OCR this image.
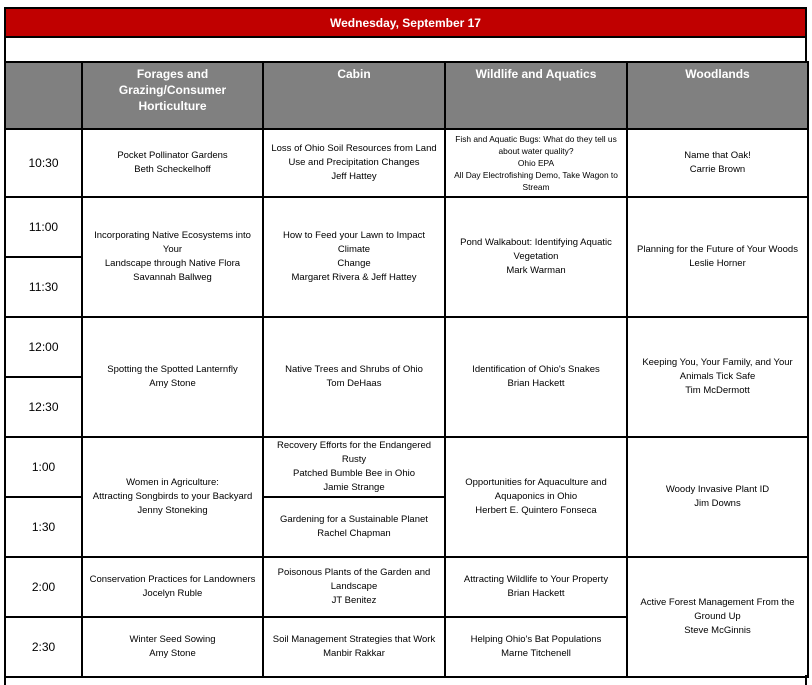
Wednesday, September 17

	Forages and
Grazing/Consumer
Horticulture	Cabin	Wildlife and Aquatics	Woodlands

10:30	Pocket Pollinator Gardens
Beth Scheckelhoff	Loss of Ohio Soil Resources from Land
Use and Precipitation Changes
Jeff Hattey	Fish and Aquatic Bugs: What do they tell us
about water quality?
Ohio EPA
All Day Electrofishing Demo, Take Wagon to
Stream	Name that Oak!
Carrie Brown

11:00	Incorporating Native Ecosystems into Your
Landscape through Native Flora
Savannah Ballweg	How to Feed your Lawn to Impact Climate
Change
Margaret Rivera & Jeff Hattey	Pond Walkabout: Identifying Aquatic
Vegetation
Mark Warman	Planning for the Future of Your Woods
Leslie Horner

11:30				
12:00	Spotting the Spotted Lanternfly
Amy Stone	Native Trees and Shrubs of Ohio
Tom DeHaas	Identification of Ohio's Snakes
Brian Hackett	Keeping You, Your Family, and Your
Animals Tick Safe
Tim McDermott

12:30				
1:00	Women in Agriculture:
Attracting Songbirds to your Backyard
Jenny Stoneking	Recovery Efforts for the Endangered Rusty
Patched Bumble Bee in Ohio
Jamie Strange	Opportunities for Aquaculture and
Aquaponics in Ohio
Herbert E. Quintero Fonseca	Woody Invasive Plant ID
Jim Downs

1:30		Gardening for a Sustainable Planet
Rachel Chapman		

2:00	Conservation Practices for Landowners
Jocelyn Ruble	Poisonous Plants of the Garden and
Landscape
JT Benitez	Attracting Wildlife to Your Property
Brian Hackett	Active Forest Management From the
Ground Up
Steve McGinnis

2:30	Winter Seed Sowing
Amy Stone	Soil Management Strategies that Work
Manbir Rakkar	Helping Ohio's Bat Populations
Marne Titchenell	
